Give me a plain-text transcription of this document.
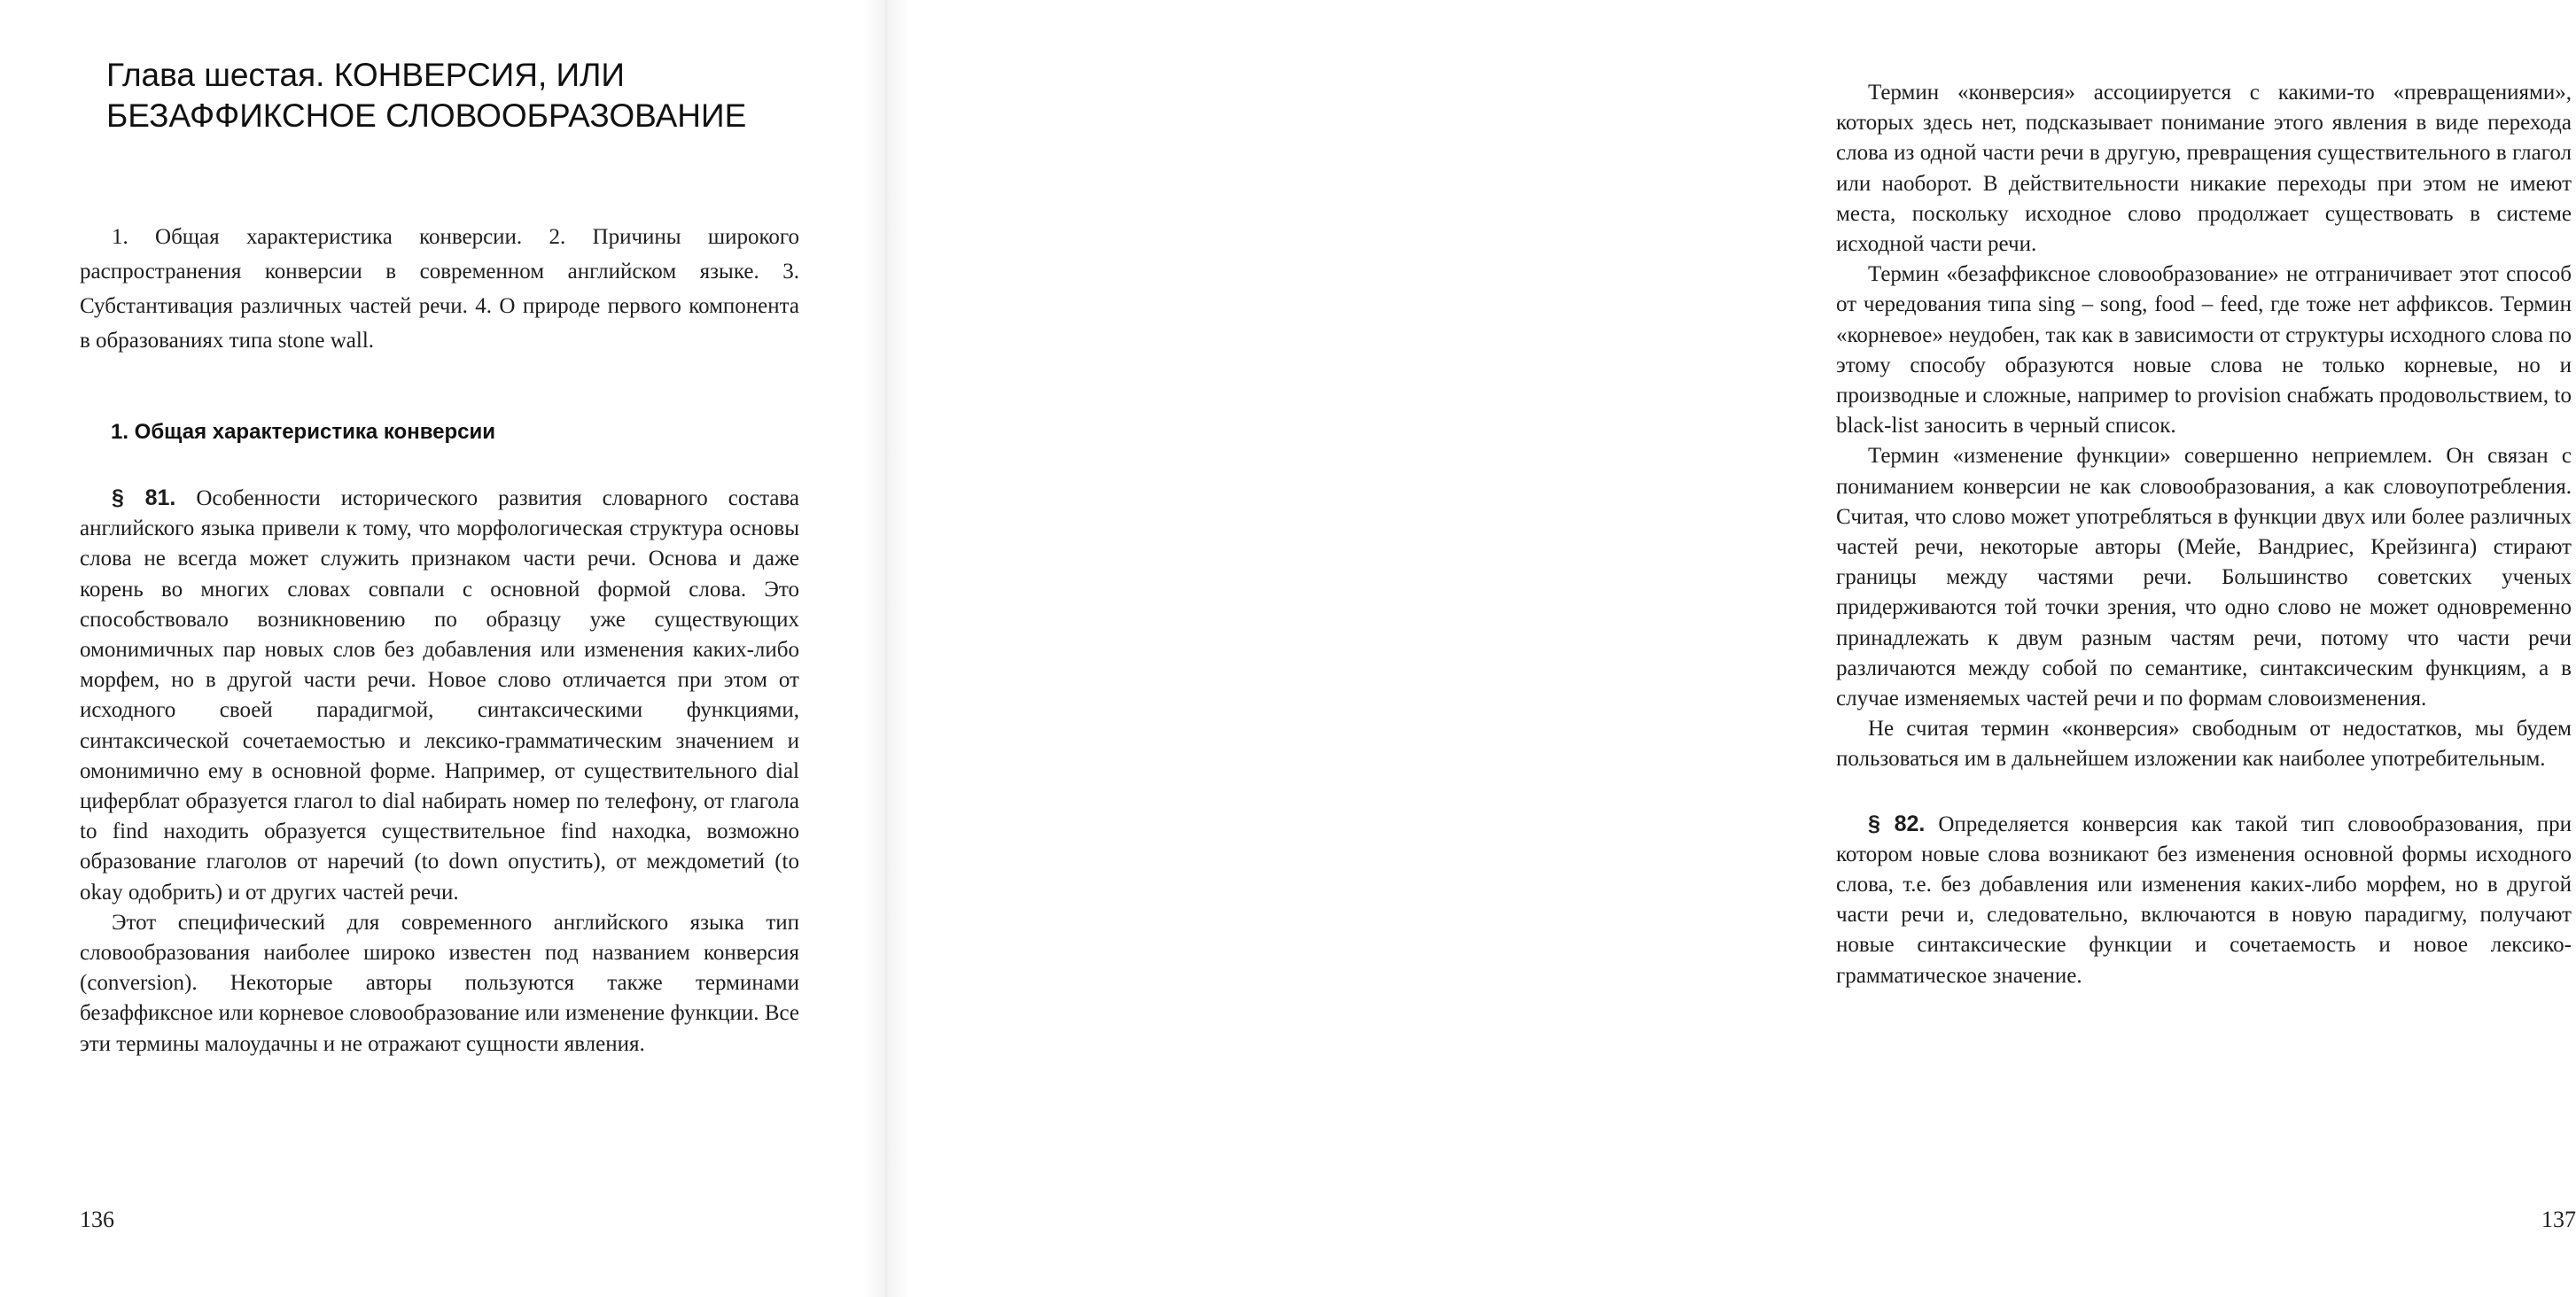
Глава шестая. КОНВЕРСИЯ, ИЛИ БЕЗАФФИКСНОЕ СЛОВООБРАЗОВАНИЕ

1. Общая характеристика конверсии. 2. Причины широкого распространения конверсии в современном английском языке. 3. Субстантивация различных частей речи. 4. О природе первого компонента в образованиях типа stone wall.

1. Общая характеристика конверсии

§ 81. Особенности исторического развития словарного состава английского языка привели к тому, что морфологическая структура основы слова не всегда может служить признаком части речи. Основа и даже корень во многих словах совпали с основной формой слова. Это способствовало возникновению по образцу уже существующих омонимичных пар новых слов без добавления или изменения каких-либо морфем, но в другой части речи. Новое слово отличается при этом от исходного своей парадигмой, синтаксическими функциями, синтаксической сочетаемостью и лексико-грамматическим значением и омонимично ему в основной форме. Например, от существительного dial циферблат образуется глагол to dial набирать номер по телефону, от глагола to find находить образуется существительное find находка, возможно образование глаголов от наречий (to down опустить), от междометий (to okay одобрить) и от других частей речи.

Этот специфический для современного английского языка тип словообразования наиболее широко известен под названием конверсия (conversion). Некоторые авторы пользуются также терминами безаффиксное или корневое словообразование или изменение функции. Все эти термины малоудачны и не отражают сущности явления.

136

Термин «конверсия» ассоциируется с какими-то «превращениями», которых здесь нет, подсказывает понимание этого явления в виде перехода слова из одной части речи в другую, превращения существительного в глагол или наоборот. В действительности никакие переходы при этом не имеют места, поскольку исходное слово продолжает существовать в системе исходной части речи.

Термин «безаффиксное словообразование» не отграничивает этот способ от чередования типа sing – song, food – feed, где тоже нет аффиксов. Термин «корневое» неудобен, так как в зависимости от структуры исходного слова по этому способу образуются новые слова не только корневые, но и производные и сложные, например to provision снабжать продовольствием, to black-list заносить в черный список.

Термин «изменение функции» совершенно неприемлем. Он связан с пониманием конверсии не как словообразования, а как словоупотребления. Считая, что слово может употребляться в функции двух или более различных частей речи, некоторые авторы (Мейе, Вандриес, Крейзинга) стирают границы между частями речи. Большинство советских ученых придерживаются той точки зрения, что одно слово не может одновременно принадлежать к двум разным частям речи, потому что части речи различаются между собой по семантике, синтаксическим функциям, а в случае изменяемых частей речи и по формам словоизменения.

Не считая термин «конверсия» свободным от недостатков, мы будем пользоваться им в дальнейшем изложении как наиболее употребительным.

§ 82. Определяется конверсия как такой тип словообразования, при котором новые слова возникают без изменения основной формы исходного слова, т.е. без добавления или изменения каких-либо морфем, но в другой части речи и, следовательно, включаются в новую парадигму, получают новые синтаксические функции и сочетаемость и новое лексико-грамматическое значение.

137
